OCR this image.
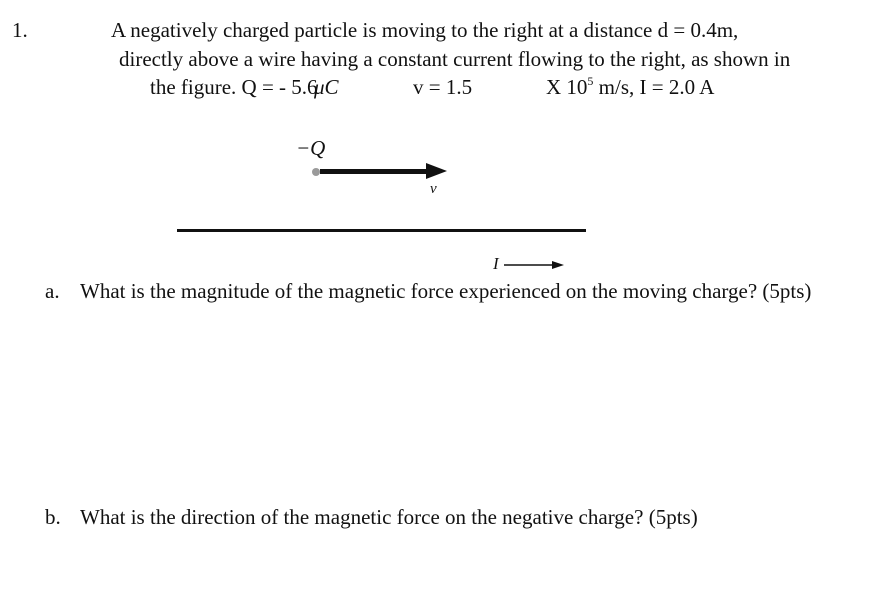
1.	A negatively charged particle is moving to the right at a distance d = 0.4m,
directly above a wire having a constant current flowing to the right, as shown in
the figure. Q = - 5.6
μC	v = 1.5	X $10^5$ m/s, I = 2.0 A
−Q
v
I
a. What is the magnitude of the magnetic force experienced on the moving charge? (5pts)
b. What is the direction of the magnetic force on the negative charge? (5pts)
